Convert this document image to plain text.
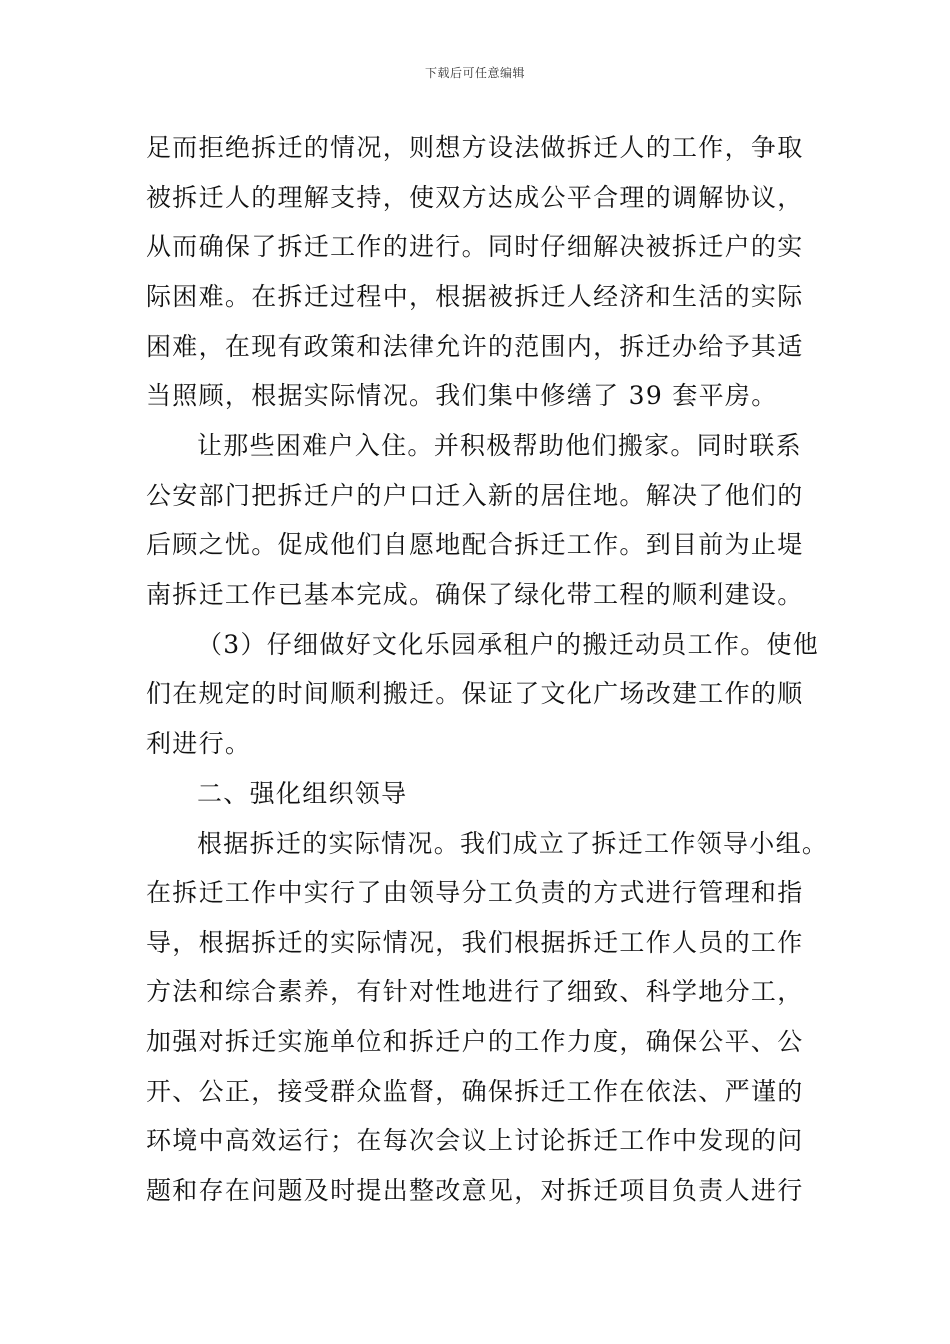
下载后可任意编辑
足而拒绝拆迁的情况，则想方设法做拆迁人的工作，争取
被拆迁人的理解支持，使双方达成公平合理的调解协议，
从而确保了拆迁工作的进行。同时仔细解决被拆迁户的实
际困难。在拆迁过程中，根据被拆迁人经济和生活的实际
困难，在现有政策和法律允许的范围内，拆迁办给予其适
当照顾，根据实际情况。我们集中修缮了 39 套平房。
让那些困难户入住。并积极帮助他们搬家。同时联系
公安部门把拆迁户的户口迁入新的居住地。解决了他们的
后顾之忧。促成他们自愿地配合拆迁工作。到目前为止堤
南拆迁工作已基本完成。确保了绿化带工程的顺利建设。
（3）仔细做好文化乐园承租户的搬迁动员工作。使他
们在规定的时间顺利搬迁。保证了文化广场改建工作的顺
利进行。
二、强化组织领导
根据拆迁的实际情况。我们成立了拆迁工作领导小组。
在拆迁工作中实行了由领导分工负责的方式进行管理和指
导，根据拆迁的实际情况，我们根据拆迁工作人员的工作
方法和综合素养，有针对性地进行了细致、科学地分工，
加强对拆迁实施单位和拆迁户的工作力度，确保公平、公
开、公正，接受群众监督，确保拆迁工作在依法、严谨的
环境中高效运行；在每次会议上讨论拆迁工作中发现的问
题和存在问题及时提出整改意见，对拆迁项目负责人进行
